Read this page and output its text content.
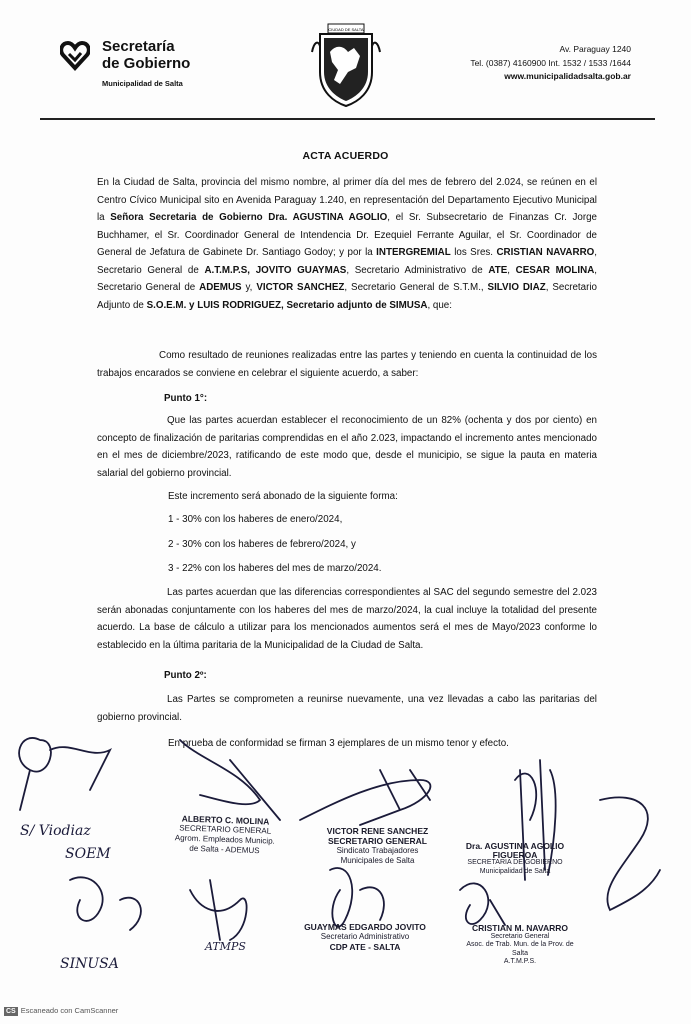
Secretaría
de Gobierno
Municipalidad de Salta
CIUDAD DE SALTA
Av. Paraguay 1240
Tel. (0387) 4160900 Int. 1532 / 1533 /1644
www.municipalidadsalta.gob.ar
ACTA ACUERDO
En la Ciudad de Salta, provincia del mismo nombre, al primer día del mes de febrero del 2.024, se reúnen en el Centro Cívico Municipal sito en Avenida Paraguay 1.240, en representación del Departamento Ejecutivo Municipal la Señora Secretaria de Gobierno Dra. AGUSTINA AGOLIO, el Sr. Subsecretario de Finanzas Cr. Jorge Buchhamer, el Sr. Coordinador General de Intendencia Dr. Ezequiel Ferrante Aguilar, el Sr. Coordinador de General de Jefatura de Gabinete Dr. Santiago Godoy; y por la INTERGREMIAL los Sres. CRISTIAN NAVARRO, Secretario General de A.T.M.P.S, JOVITO GUAYMAS, Secretario Administrativo de ATE, CESAR MOLINA, Secretario General de ADEMUS y, VICTOR SANCHEZ, Secretario General de S.T.M., SILVIO DIAZ, Secretario Adjunto de S.O.E.M. y LUIS RODRIGUEZ, Secretario adjunto de SIMUSA, que:
Como resultado de reuniones realizadas entre las partes y teniendo en cuenta la continuidad de los trabajos encarados se conviene en celebrar el siguiente acuerdo, a saber:
Punto 1°:
Que las partes acuerdan establecer el reconocimiento de un 82% (ochenta y dos por ciento) en concepto de finalización de paritarias comprendidas en el año 2.023, impactando el incremento antes mencionado en el mes de diciembre/2023, ratificando de este modo que, desde el municipio, se sigue la pauta en materia salarial del gobierno provincial.
Este incremento será abonado de la siguiente forma:
1 - 30% con los haberes de enero/2024,
2 - 30% con los haberes de febrero/2024, y
3 - 22% con los haberes del mes de marzo/2024.
Las partes acuerdan que las diferencias correspondientes al SAC del segundo semestre del 2.023 serán abonadas conjuntamente con los haberes del mes de marzo/2024, la cual incluye la totalidad del presente acuerdo. La base de cálculo a utilizar para los mencionados aumentos será el mes de Mayo/2023 conforme lo establecido en la última paritaria de la Municipalidad de la Ciudad de Salta.
Punto 2º:
Las Partes se comprometen a reunirse nuevamente, una vez llevadas a cabo las paritarias del gobierno provincial.
En prueba de conformidad se firman 3 ejemplares de un mismo tenor y efecto.
S/ Viodiaz
SOEM
SINUSA
ATMPS
ALBERTO C. MOLINA
SECRETARIO GENERAL
Agrom. Empleados Municip.
de Salta - ADEMUS
VICTOR RENE SANCHEZ
SECRETARIO GENERAL
Sindicato Trabajadores
Municipales de Salta
Dra. AGUSTINA AGOLIO FIGUEROA
SECRETARIA DE GOBIERNO
Municipalidad de Salta
GUAYMAS EDGARDO JOVITO
Secretario Administrativo
CDP ATE - SALTA
CRISTIAN M. NAVARRO
Secretario General
Asoc. de Trab. Mun. de la Prov. de Salta
A.T.M.P.S.
CS Escaneado con CamScanner
